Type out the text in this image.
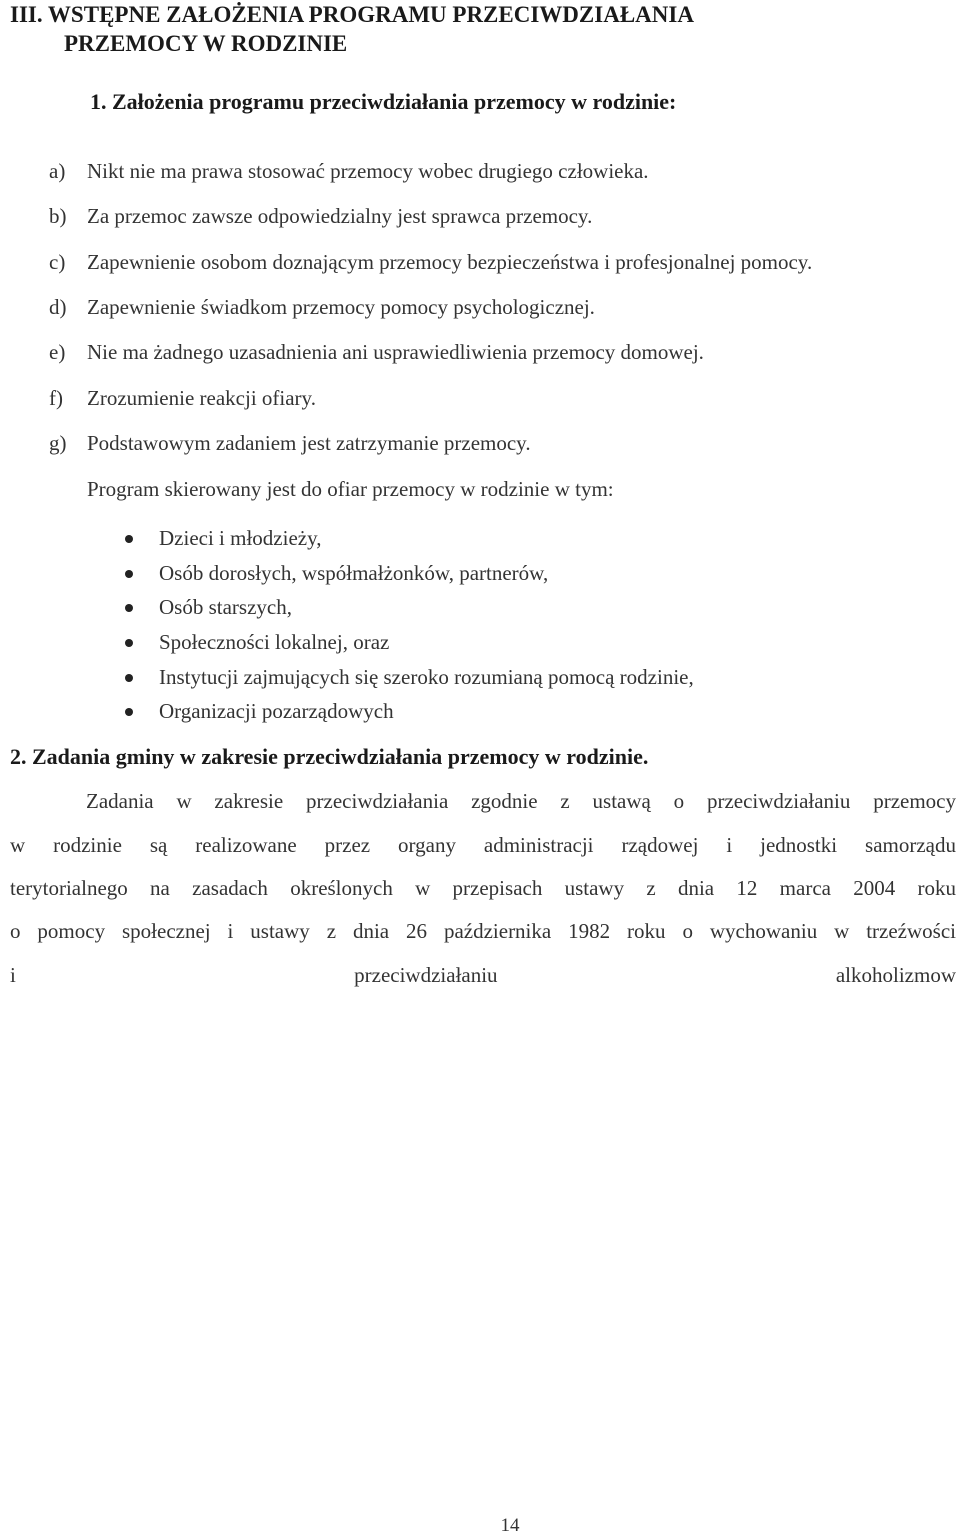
III. WSTĘPNE ZAŁOŻENIA PROGRAMU PRZECIWDZIAŁANIA
PRZEMOCY W RODZINIE
1. Założenia programu przeciwdziałania przemocy w rodzinie:
a) Nikt nie ma prawa stosować przemocy wobec drugiego człowieka.
b) Za przemoc zawsze odpowiedzialny jest sprawca przemocy.
c) Zapewnienie osobom doznającym przemocy bezpieczeństwa i profesjonalnej pomocy.
d) Zapewnienie świadkom przemocy pomocy psychologicznej.
e) Nie ma żadnego uzasadnienia ani usprawiedliwienia przemocy domowej.
f) Zrozumienie reakcji ofiary.
g) Podstawowym zadaniem jest zatrzymanie przemocy.
Program skierowany jest do ofiar przemocy w rodzinie w tym:
Dzieci i młodzieży,
Osób dorosłych, współmałżonków, partnerów,
Osób starszych,
Społeczności lokalnej, oraz
Instytucji zajmujących się szeroko rozumianą pomocą rodzinie,
Organizacji pozarządowych
2. Zadania gminy w zakresie przeciwdziałania przemocy w rodzinie.
Zadania w zakresie przeciwdziałania zgodnie z ustawą o przeciwdziałaniu przemocy
w rodzinie są realizowane przez organy administracji rządowej i jednostki samorządu
terytorialnego na zasadach określonych w przepisach ustawy z dnia 12 marca 2004 roku
o pomocy społecznej i ustawy z dnia 26 października 1982 roku o wychowaniu w trzeźwości
i przeciwdziałaniu alkoholizmow
14
